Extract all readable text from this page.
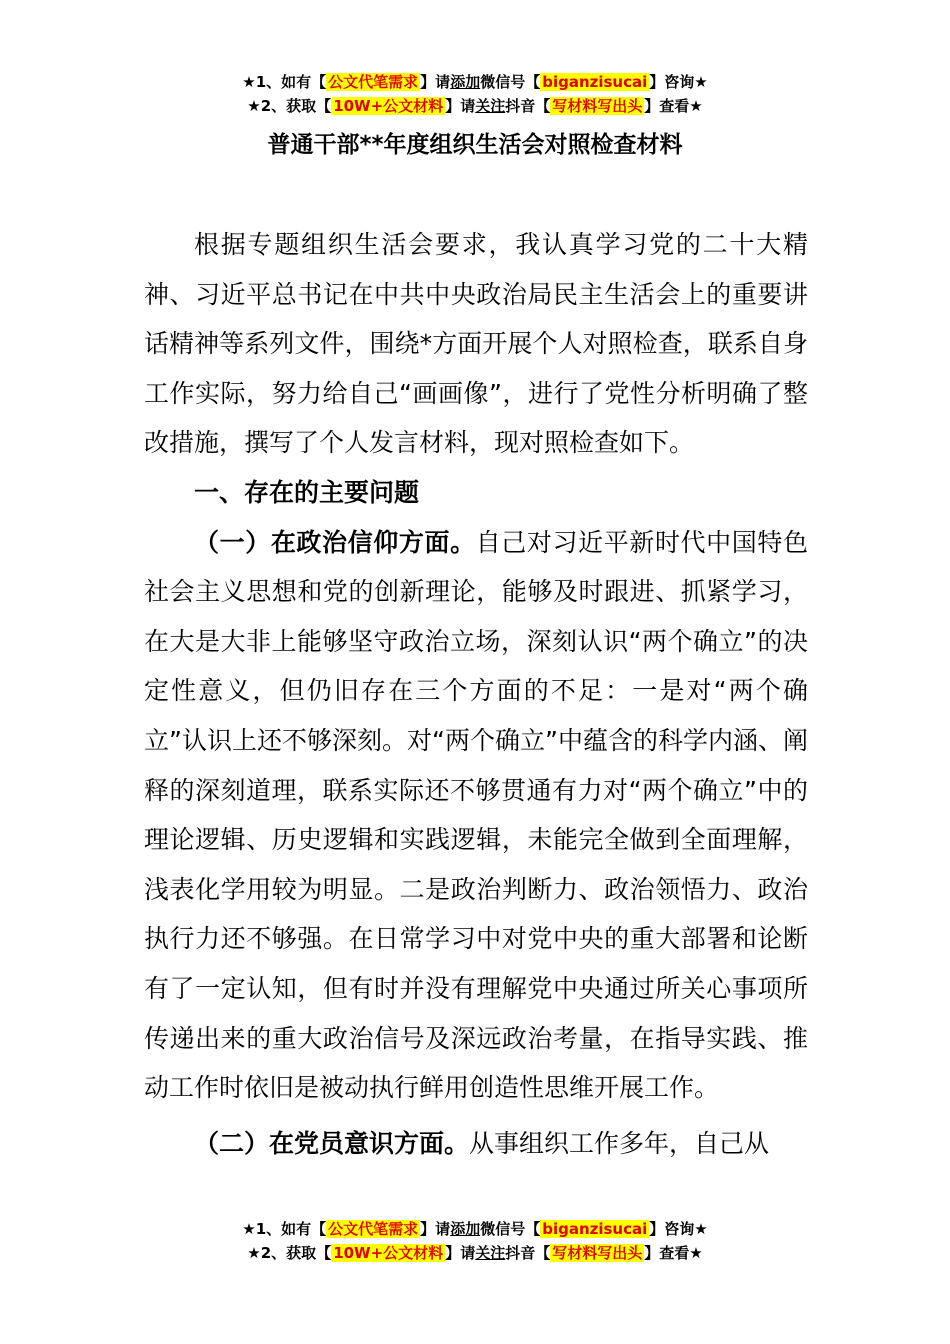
★1、如有【 公文代笔需求 】请添加微信号【 biganzisucai 】咨询★
★2、获取【 10W+公文材料 】请关注抖音【 写材料写出头 】查看★
普通干部**年度组织生活会对照检查材料

根据专题组织生活会要求，我认真学习党的二十大精神、习近平总书记在中共中央政治局民主生活会上的重要讲话精神等系列文件，围绕*方面开展个人对照检查，联系自身工作实际，努力给自己“画画像”，进行了党性分析明确了整改措施，撰写了个人发言材料，现对照检查如下。

一、存在的主要问题

（一）在政治信仰方面。自己对习近平新时代中国特色社会主义思想和党的创新理论，能够及时跟进、抓紧学习，在大是大非上能够坚守政治立场，深刻认识“两个确立”的决定性意义，但仍旧存在三个方面的不足：一是对“两个确立”认识上还不够深刻。对“两个确立”中蕴含的科学内涵、阐释的深刻道理，联系实际还不够贯通有力对“两个确立”中的理论逻辑、历史逻辑和实践逻辑，未能完全做到全面理解，浅表化学用较为明显。二是政治判断力、政治领悟力、政治执行力还不够强。在日常学习中对党中央的重大部署和论断有了一定认知，但有时并没有理解党中央通过所关心事项所传递出来的重大政治信号及深远政治考量，在指导实践、推动工作时依旧是被动执行鲜用创造性思维开展工作。

（二）在党员意识方面。从事组织工作多年，自己从

★1、如有【 公文代笔需求 】请添加微信号【 biganzisucai 】咨询★
★2、获取【 10W+公文材料 】请关注抖音【 写材料写出头 】查看★
